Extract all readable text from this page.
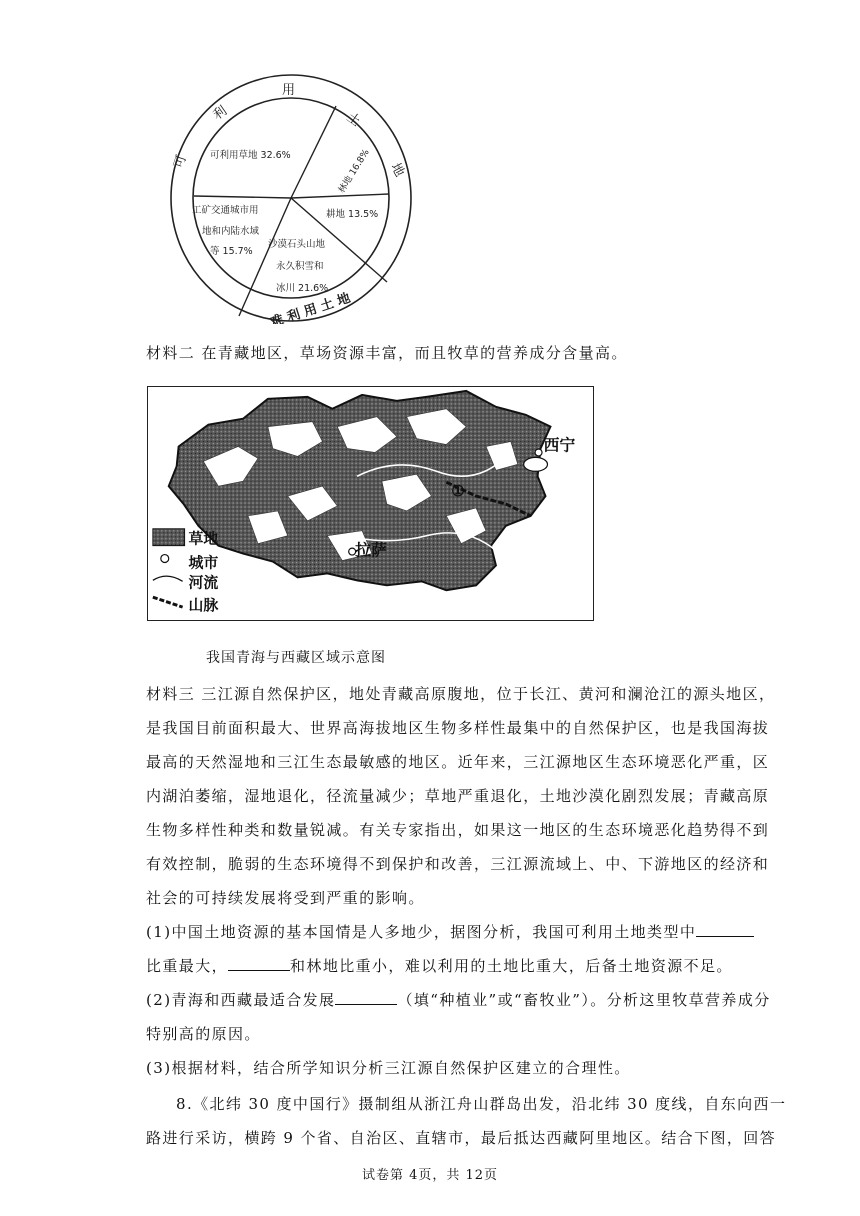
可
利
用
土
地
难 利 用 土 地
可利用草地 32.6%	林地 16.8%
耕地 13.5%
沙漠石头山地
永久积雪和
冰川 21.6%
工矿交通城市用
地和内陆水域
等 15.7%
材料二 在青藏地区，草场资源丰富，而且牧草的营养成分含量高。
西宁
拉萨
①
草地
城市
河流
山脉
我国青海与西藏区域示意图
材料三 三江源自然保护区，地处青藏高原腹地，位于长江、黄河和澜沧江的源头地区，
是我国目前面积最大、世界高海拔地区生物多样性最集中的自然保护区，也是我国海拔
最高的天然湿地和三江生态最敏感的地区。近年来，三江源地区生态环境恶化严重，区
内湖泊萎缩，湿地退化，径流量减少；草地严重退化，土地沙漠化剧烈发展；青藏高原
生物多样性种类和数量锐减。有关专家指出，如果这一地区的生态环境恶化趋势得不到
有效控制，脆弱的生态环境得不到保护和改善，三江源流域上、中、下游地区的经济和
社会的可持续发展将受到严重的影响。
(1)中国土地资源的基本国情是人多地少，据图分析，我国可利用土地类型中
比重最大，	和林地比重小，难以利用的土地比重大，后备土地资源不足。
(2)青海和西藏最适合发展	（填“种植业”或“畜牧业”）。分析这里牧草营养成分
特别高的原因。
(3)根据材料，结合所学知识分析三江源自然保护区建立的合理性。
8.《北纬 30 度中国行》摄制组从浙江舟山群岛出发，沿北纬 30 度线，自东向西一
路进行采访，横跨 9 个省、自治区、直辖市，最后抵达西藏阿里地区。结合下图，回答
试卷第 4页，共 12页
